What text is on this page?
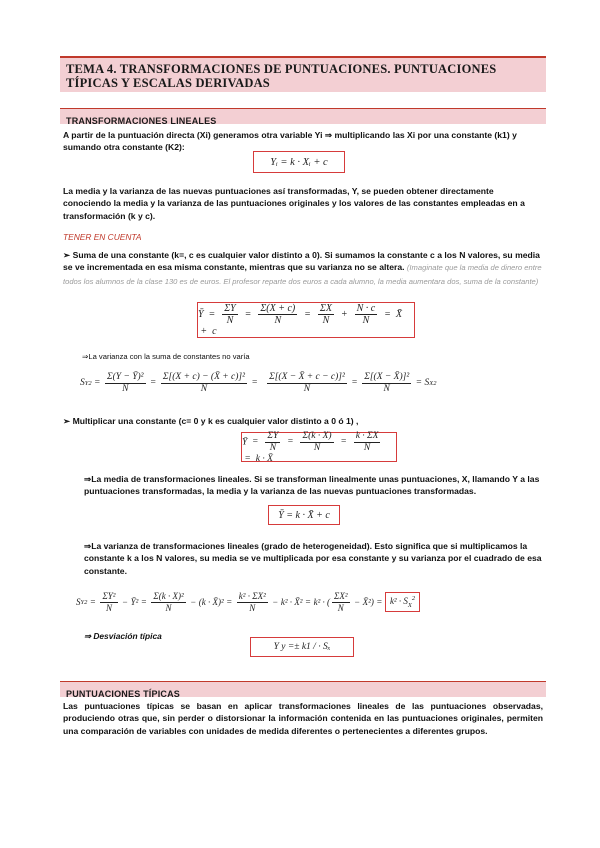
TEMA 4. TRANSFORMACIONES DE PUNTUACIONES. PUNTUACIONES TÍPICAS Y ESCALAS DERIVADAS
TRANSFORMACIONES LINEALES
A partir de la puntuación directa (Xi) generamos otra variable Yi ⇒ multiplicando las Xi por una constante (k1) y sumando otra constante (K2):
Yᵢ = k · Xᵢ + c
La media y la varianza de las nuevas puntuaciones así transformadas, Y, se pueden obtener directamente conociendo la media y la varianza de las puntuaciones originales y los valores de las constantes empleadas en a transformación (k y c).
TENER EN CUENTA
➢ Suma de una constante (k=, c es cualquier valor distinto a 0). Si sumamos la constante c a los N valores, su media se ve incrementada en esa misma constante, mientras que su varianza no se altera. (Imaginate que la media de dinero entre todos los alumnos de la clase 130 es de euros. El profesor reparte dos euros a cada alumno, la media aumentara dos, suma de la constante)
Ȳ = $\frac{\Sigma Y}{N} = \frac{\Sigma(X + c)}{N} = \frac{\Sigma X}{N} + \frac{N \cdot c}{N}$ = X̄ + c
⇒La varianza con la suma de constantes no varía
S Y $2 = \frac{\text{Σ(Y − Ȳ)²}}{N} = \frac{\text{Σ[(X + c) − (X̄ + c)]²}}{N}$ =
$\frac{\text{Σ[(X − X̄ + c − c)]²}}{N} = \frac{\text{Σ[(X − X̄)]²}}{N} = S$ X 2
➢ Multiplicar una constante (c= 0 y k es cualquier valor distinto a 0 ó 1) ,
Ȳ = $\frac{\Sigma Y}{N} = \frac{\Sigma(k \cdot X)}{N} = \frac{k \cdot \Sigma X}{N}$
= k · X̄
⇒La media de transformaciones lineales. Si se transforman linealmente unas puntuaciones, X, llamando Y a las puntuaciones transformadas, la media y la varianza de las nuevas puntuaciones transformadas.
Ȳ = k · X̄ + c
⇒La varianza de transformaciones lineales (grado de heterogeneidad). Esto significa que si multiplicamos la constante k a los N valores, su media se ve multiplicada por esa constante y su varianza por el cuadrado de esa constante.
S Y $2 = \frac{\text{ΣY²}}{N}$ − Ȳ² = $\frac{\text{Σ(k · X)²}}{N} - (k$ · X̄)² = $\frac{\text{k² · ΣX²}}{N} - k^2$ · X̄² = k² · ( $\frac{\text{ΣX²}}{N}$ − X̄²) = $k^2 \cdot S_X^2$
⇒ Desviación típica
Y y =± k1 / · Sₓ
PUNTUACIONES TÍPICAS
Las puntuaciones típicas se basan en aplicar transformaciones lineales de las puntuaciones observadas, produciendo otras que, sin perder o distorsionar la información contenida en las puntuaciones originales, permiten una comparación de variables con unidades de medida diferentes o pertenecientes a diferentes grupos.
